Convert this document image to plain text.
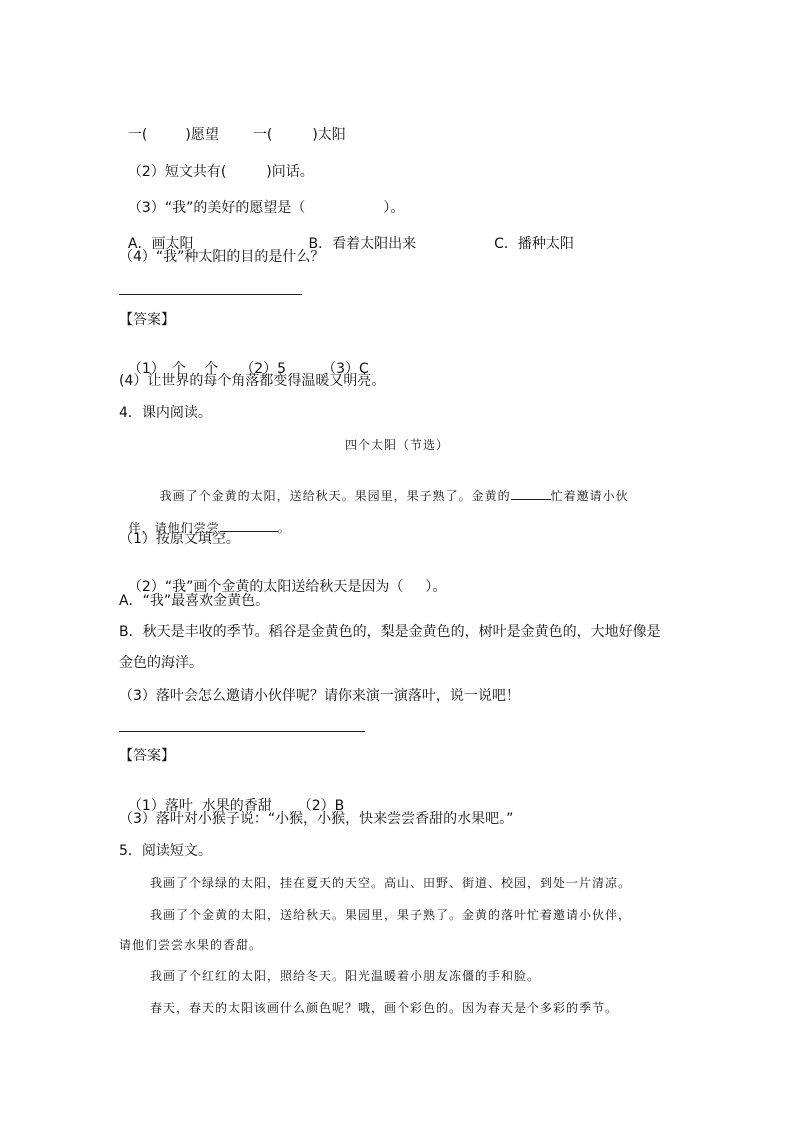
一(	)愿望 一(	)太阳

（2）短文共有(	)问话。

（3）“我”的美好的愿望是（	）。

A．画太阳	B．看着太阳出来	C．播种太阳

（4）“我”种太阳的目的是什么？
【答案】

（1）　个　 个 （2）5	（3）C

(4）让世界的每个角落都变得温暖又明亮。
4．课内阅读。
四个太阳（节选）

我画了个金黄的太阳，送给秋天。果园里，果子熟了。金黄的	忙着邀请小伙

伴，请他们尝尝	。

（1）按原文填空。

（2）“我”画个金黄的太阳送给秋天是因为（ ）。

A．“我”最喜欢金黄色。
B．秋天是丰收的季节。稻谷是金黄色的，梨是金黄色的，树叶是金黄色的，大地好像是
金色的海洋。
（3）落叶会怎么邀请小伙伴呢？请你来演一演落叶，说一说吧！
【答案】

（1）落叶  水果的香甜 （2）B

（3）落叶对小猴子说：“小猴，小猴，快来尝尝香甜的水果吧。”
5．阅读短文。
我画了个绿绿的太阳，挂在夏天的天空。高山、田野、街道、校园，到处一片清凉。
我画了个金黄的太阳，送给秋天。果园里，果子熟了。金黄的落叶忙着邀请小伙伴，
请他们尝尝水果的香甜。
我画了个红红的太阳，照给冬天。阳光温暖着小朋友冻僵的手和脸。
春天，春天的太阳该画什么颜色呢？哦，画个彩色的。因为春天是个多彩的季节。
